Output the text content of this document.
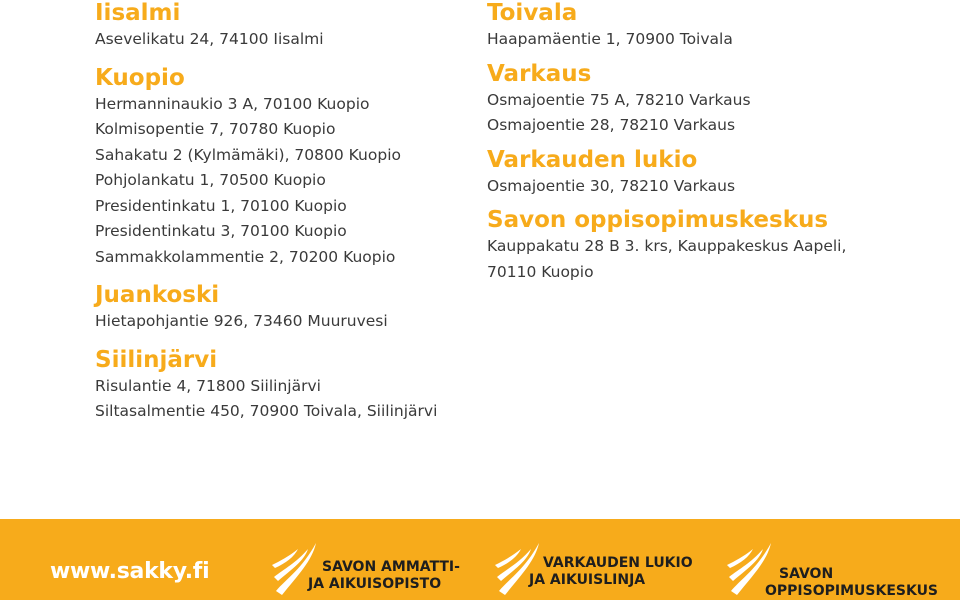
Iisalmi

Asevelikatu 24, 74100 Iisalmi

Kuopio

Hermanninaukio 3 A, 70100 Kuopio

Kolmisopentie 7, 70780 Kuopio

Sahakatu 2 (Kylmämäki), 70800 Kuopio

Pohjolankatu 1, 70500 Kuopio

Presidentinkatu 1, 70100 Kuopio

Presidentinkatu 3, 70100 Kuopio

Sammakkolammentie 2, 70200 Kuopio

Juankoski

Hietapohjantie 926, 73460 Muuruvesi

Siilinjärvi

Risulantie 4, 71800 Siilinjärvi

Siltasalmentie 450, 70900 Toivala, Siilinjärvi

Toivala

Haapamäentie 1, 70900 Toivala

Varkaus

Osmajoentie 75 A, 78210 Varkaus

Osmajoentie 28, 78210 Varkaus

Varkauden lukio

Osmajoentie 30, 78210 Varkaus

Savon oppisopimuskeskus

Kauppakatu 28 B 3. krs, Kauppakeskus Aapeli,

70110 Kuopio

www.sakky.fi	SAVON AMMATTI-
JA AIKUISOPISTO
VARKAUDEN LUKIO
JA AIKUISLINJA	SAVON
OPPISOPIMUSKESKUS
